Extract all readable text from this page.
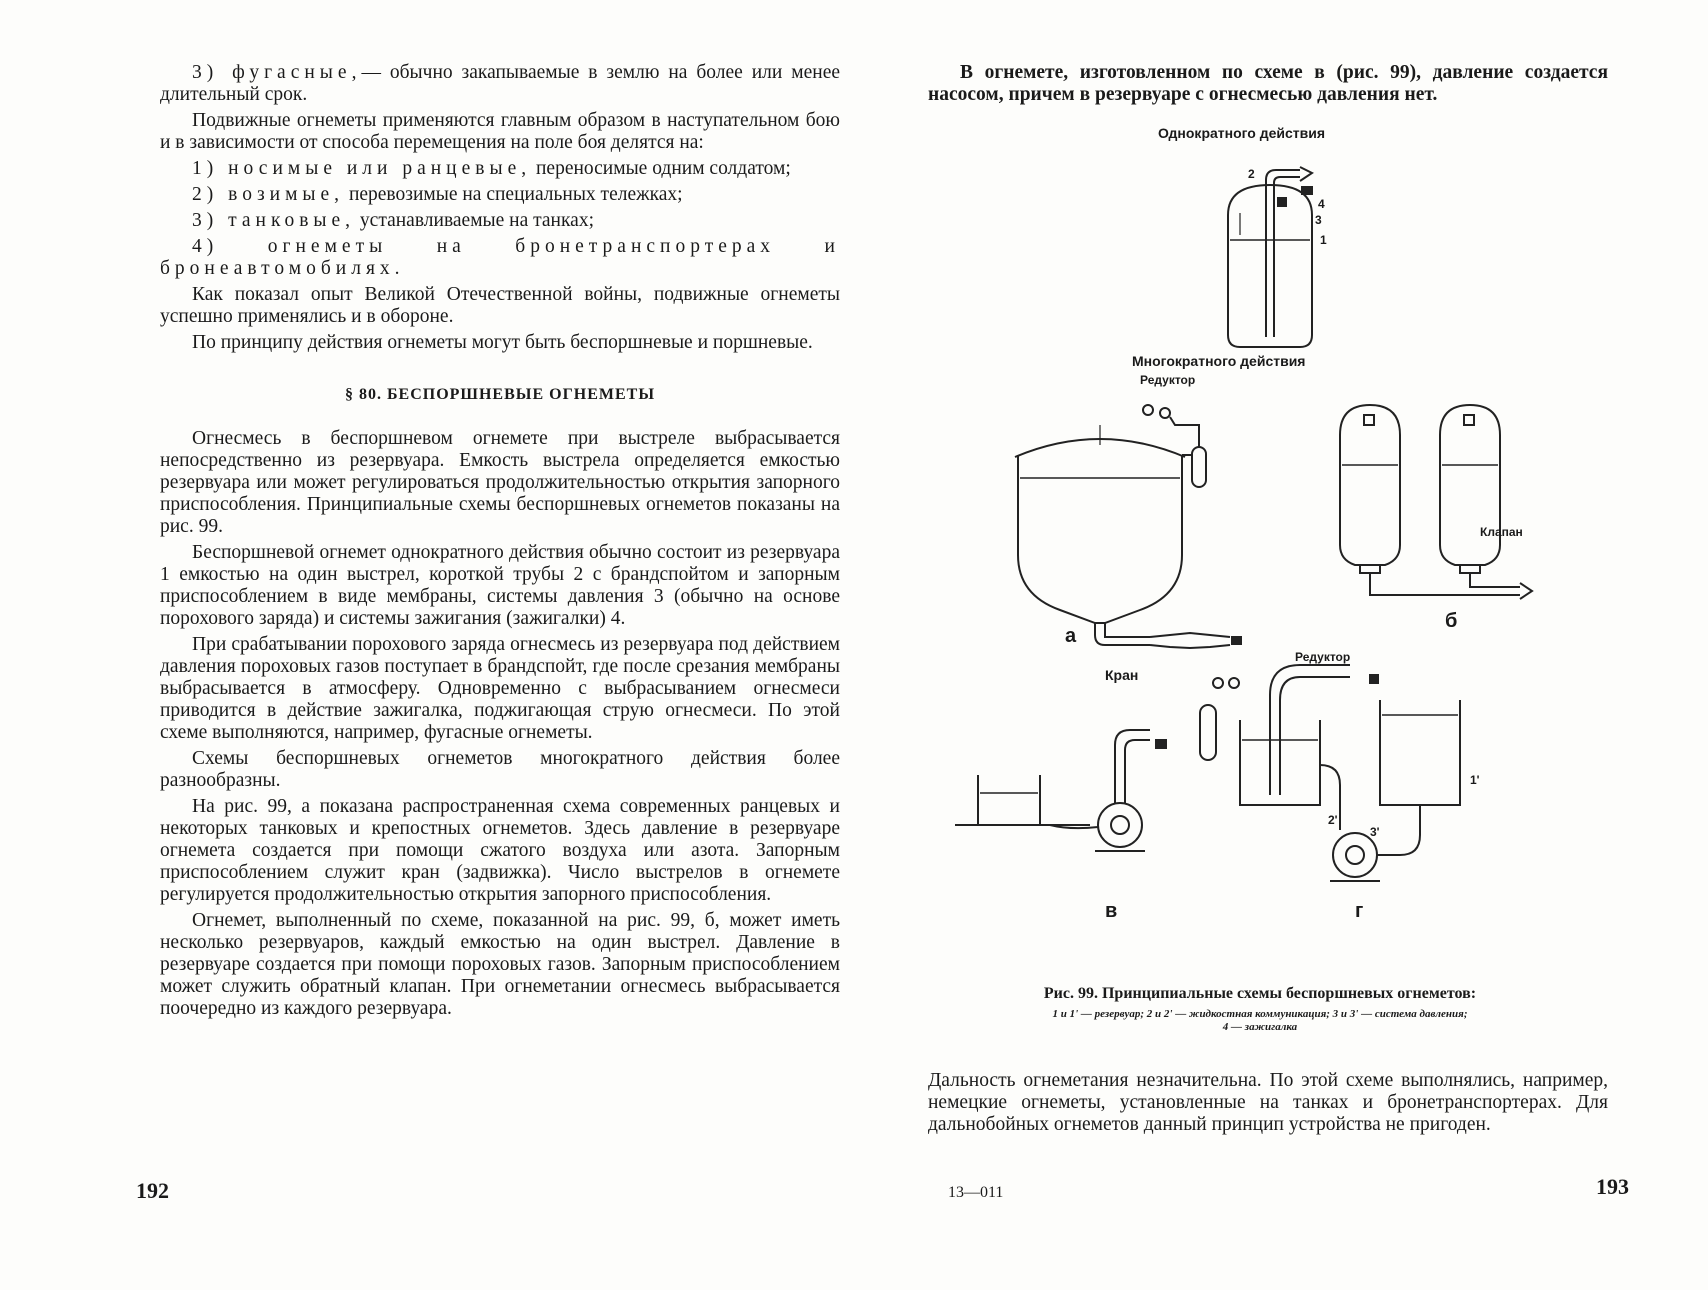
3) фугасные,— обычно закапываемые в землю на более или менее длительный срок.

Подвижные огнеметы применяются главным образом в наступательном бою и в зависимости от способа перемещения на поле боя делятся на:

1) носимые или ранцевые, переносимые одним солдатом;

2) возимые, перевозимые на специальных тележках;

3) танковые, устанавливаемые на танках;

4) огнеметы на бронетранспортерах и бронеавтомобилях.

Как показал опыт Великой Отечественной войны, подвижные огнеметы успешно применялись и в обороне.

По принципу действия огнеметы могут быть беспоршневые и поршневые.

§ 80. БЕСПОРШНЕВЫЕ ОГНЕМЕТЫ

Огнесмесь в беспоршневом огнемете при выстреле выбрасывается непосредственно из резервуара. Емкость выстрела определяется емкостью резервуара или может регулироваться продолжительностью открытия запорного приспособления. Принципиальные схемы беспоршневых огнеметов показаны на рис. 99.

Беспоршневой огнемет однократного действия обычно состоит из резервуара 1 емкостью на один выстрел, короткой трубы 2 с брандспойтом и запорным приспособлением в виде мембраны, системы давления 3 (обычно на основе порохового заряда) и системы зажигания (зажигалки) 4.

При срабатывании порохового заряда огнесмесь из резервуара под действием давления пороховых газов поступает в брандспойт, где после срезания мембраны выбрасывается в атмосферу. Одновременно с выбрасыванием огнесмеси приводится в действие зажигалка, поджигающая струю огнесмеси. По этой схеме выполняются, например, фугасные огнеметы.

Схемы беспоршневых огнеметов многократного действия более разнообразны.

На рис. 99, а показана распространенная схема современных ранцевых и некоторых танковых и крепостных огнеметов. Здесь давление в резервуаре огнемета создается при помощи сжатого воздуха или азота. Запорным приспособлением служит кран (задвижка). Число выстрелов в огнемете регулируется продолжительностью открытия запорного приспособления.

Огнемет, выполненный по схеме, показанной на рис. 99, б, может иметь несколько резервуаров, каждый емкостью на один выстрел. Давление в резервуаре создается при помощи пороховых газов. Запорным приспособлением может служить обратный клапан. При огнеметании огнесмесь выбрасывается поочередно из каждого резервуара.

192

В огнемете, изготовленном по схеме в (рис. 99), давление создается насосом, причем в резервуаре с огнесмесью давления нет.

Однократного действия
Многократного действия
Редуктор
Кран
Клапан
Редуктор
а
б
в	г
1
2
3
4
1'
2'
3'
Рис. 99. Принципиальные схемы беспоршневых огнеметов:
1 и 1' — резервуар; 2 и 2' — жидкостная коммуникация; 3 и 3' — система давления;
4 — зажигалка

Дальность огнеметания незначительна. По этой схеме выполнялись, например, немецкие огнеметы, установленные на танках и бронетранспортерах. Для дальнобойных огнеметов данный принцип устройства не пригоден.

13—011	193
